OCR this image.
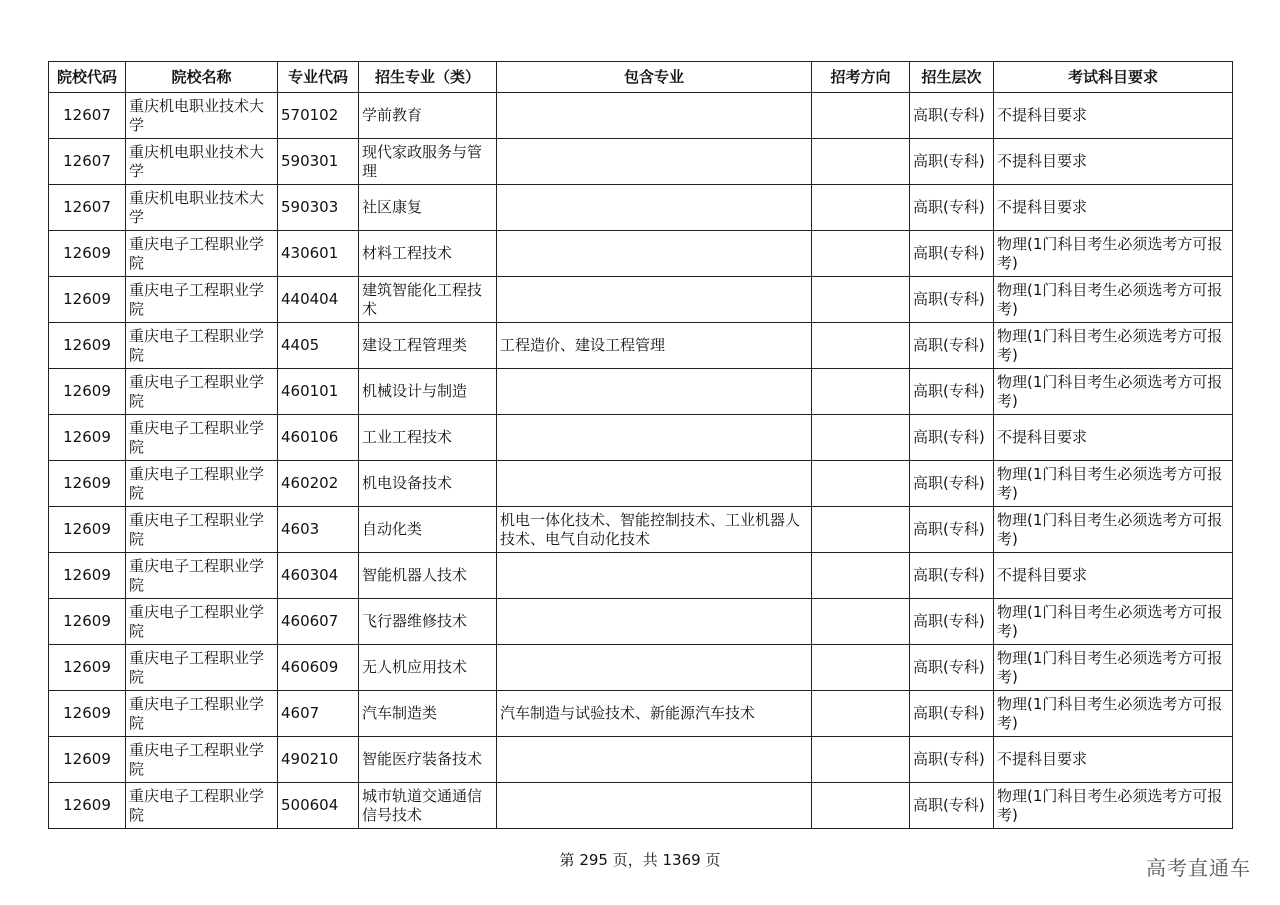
院校代码	院校名称	专业代码	招生专业（类）	包含专业	招考方向	招生层次	考试科目要求
12607	重庆机电职业技术大学	570102	学前教育			高职(专科)	不提科目要求
12607	重庆机电职业技术大学	590301	现代家政服务与管理			高职(专科)	不提科目要求
12607	重庆机电职业技术大学	590303	社区康复			高职(专科)	不提科目要求
12609	重庆电子工程职业学院	430601	材料工程技术			高职(专科)	物理(1门科目考生必须选考方可报考)
12609	重庆电子工程职业学院	440404	建筑智能化工程技术			高职(专科)	物理(1门科目考生必须选考方可报考)
12609	重庆电子工程职业学院	4405	建设工程管理类	工程造价、建设工程管理		高职(专科)	物理(1门科目考生必须选考方可报考)
12609	重庆电子工程职业学院	460101	机械设计与制造			高职(专科)	物理(1门科目考生必须选考方可报考)
12609	重庆电子工程职业学院	460106	工业工程技术			高职(专科)	不提科目要求
12609	重庆电子工程职业学院	460202	机电设备技术			高职(专科)	物理(1门科目考生必须选考方可报考)
12609	重庆电子工程职业学院	4603	自动化类	机电一体化技术、智能控制技术、工业机器人技术、电气自动化技术		高职(专科)	物理(1门科目考生必须选考方可报考)
12609	重庆电子工程职业学院	460304	智能机器人技术			高职(专科)	不提科目要求
12609	重庆电子工程职业学院	460607	飞行器维修技术			高职(专科)	物理(1门科目考生必须选考方可报考)
12609	重庆电子工程职业学院	460609	无人机应用技术			高职(专科)	物理(1门科目考生必须选考方可报考)
12609	重庆电子工程职业学院	4607	汽车制造类	汽车制造与试验技术、新能源汽车技术		高职(专科)	物理(1门科目考生必须选考方可报考)
12609	重庆电子工程职业学院	490210	智能医疗装备技术			高职(专科)	不提科目要求
12609	重庆电子工程职业学院	500604	城市轨道交通通信信号技术			高职(专科)	物理(1门科目考生必须选考方可报考)
第 295 页，共 1369 页	高考直通车
